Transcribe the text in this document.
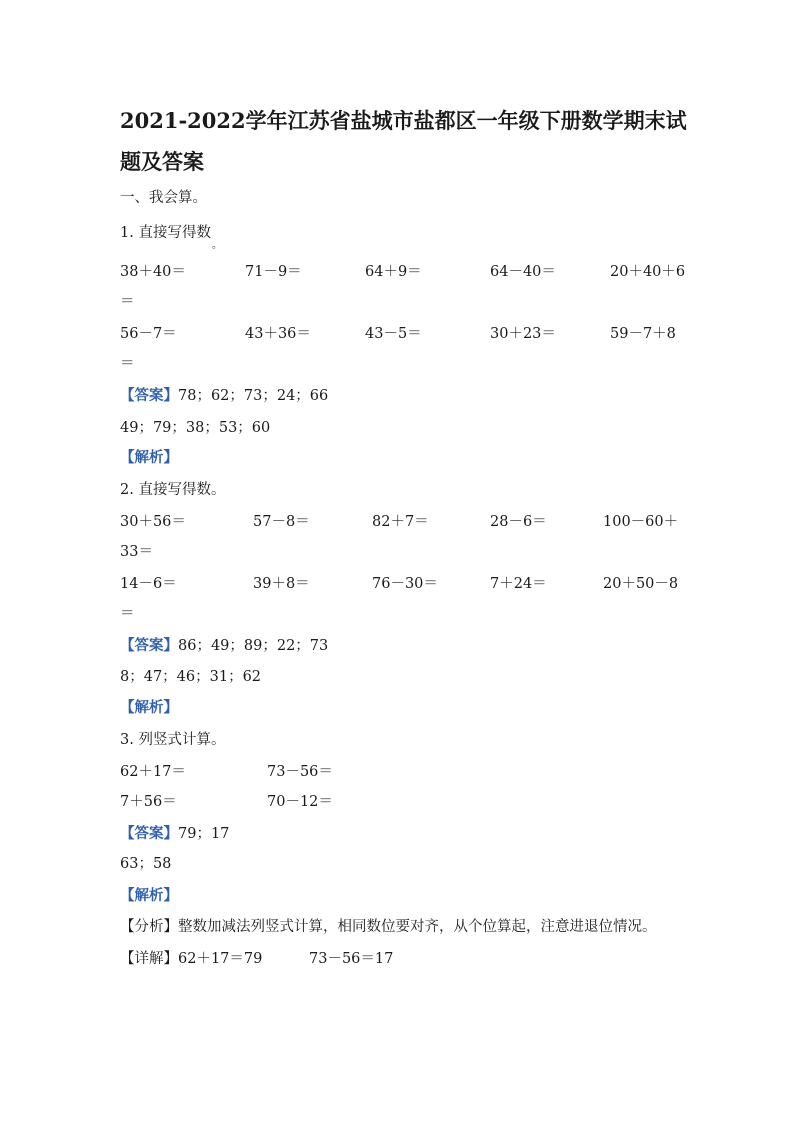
2021-2022学年江苏省盐城市盐都区一年级下册数学期末试
题及答案
一、我会算。
1. 直接写得数
。
38＋40＝	71－9＝	64＋9＝	64－40＝	20＋40＋6
＝
56－7＝	43＋36＝	43－5＝	30＋23＝	59－7＋8
＝
【答案】78；62；73；24；66
49；79；38；53；60
【解析】
2. 直接写得数。
30＋56＝	57－8＝	82＋7＝	28－6＝	100－60＋
33＝
14－6＝	39＋8＝	76－30＝	7＋24＝	20＋50－8
＝
【答案】86；49；89；22；73
8；47；46；31；62
【解析】
3. 列竖式计算。
62＋17＝	73－56＝
7＋56＝	70－12＝
【答案】79；17
63；58
【解析】
【分析】整数加减法列竖式计算，相同数位要对齐，从个位算起，注意进退位情况。
【详解】62＋17＝79	73－56＝17
